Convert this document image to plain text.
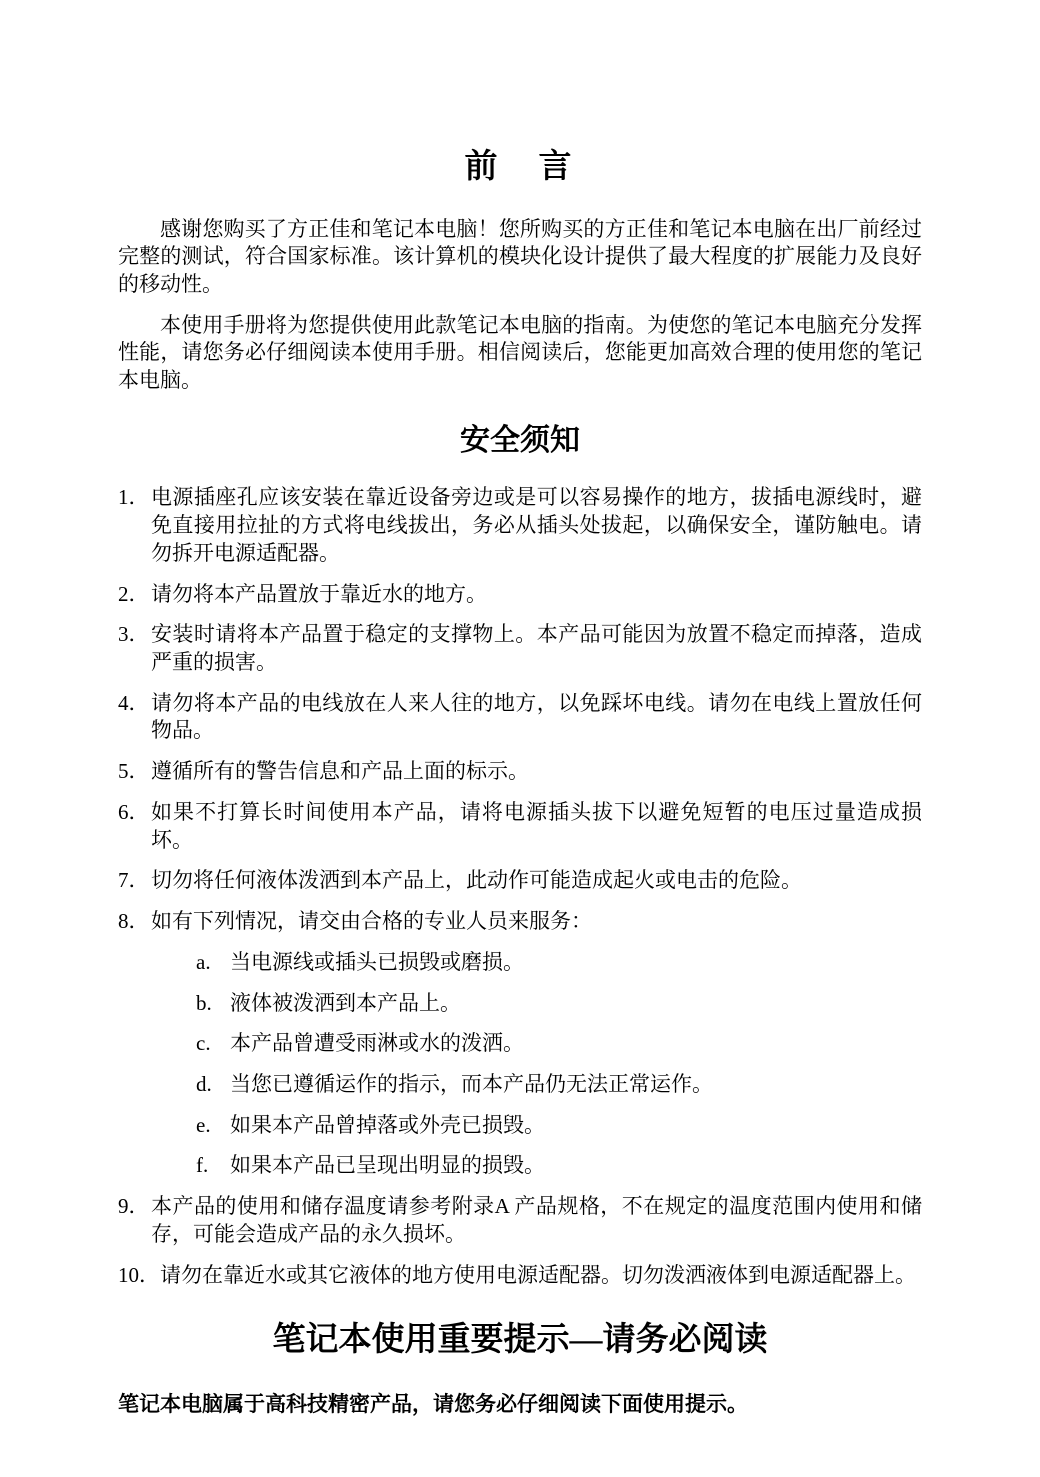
前　言

感谢您购买了方正佳和笔记本电脑！您所购买的方正佳和笔记本电脑在出厂前经过完整的测试，符合国家标准。该计算机的模块化设计提供了最大程度的扩展能力及良好的移动性。

本使用手册将为您提供使用此款笔记本电脑的指南。为使您的笔记本电脑充分发挥性能，请您务必仔细阅读本使用手册。相信阅读后，您能更加高效合理的使用您的笔记本电脑。

安全须知
1． 电源插座孔应该安装在靠近设备旁边或是可以容易操作的地方，拔插电源线时，避免直接用拉扯的方式将电线拔出，务必从插头处拔起，以确保安全，谨防触电。请勿拆开电源适配器。
2． 请勿将本产品置放于靠近水的地方。
3． 安装时请将本产品置于稳定的支撑物上。本产品可能因为放置不稳定而掉落，造成严重的损害。
4． 请勿将本产品的电线放在人来人往的地方，以免踩坏电线。请勿在电线上置放任何物品。
5． 遵循所有的警告信息和产品上面的标示。
6． 如果不打算长时间使用本产品，请将电源插头拔下以避免短暂的电压过量造成损坏。
7． 切勿将任何液体泼洒到本产品上，此动作可能造成起火或电击的危险。
8． 如有下列情况，请交由合格的专业人员来服务：
a. 当电源线或插头已损毁或磨损。
b. 液体被泼洒到本产品上。
c. 本产品曾遭受雨淋或水的泼洒。
d. 当您已遵循运作的指示，而本产品仍无法正常运作。
e. 如果本产品曾掉落或外壳已损毁。
f.	如果本产品已呈现出明显的损毁。
9． 本产品的使用和储存温度请参考附录A 产品规格，不在规定的温度范围内使用和储存，可能会造成产品的永久损坏。
10． 请勿在靠近水或其它液体的地方使用电源适配器。切勿泼洒液体到电源适配器上。
笔记本使用重要提示—请务必阅读

笔记本电脑属于高科技精密产品，请您务必仔细阅读下面使用提示。
